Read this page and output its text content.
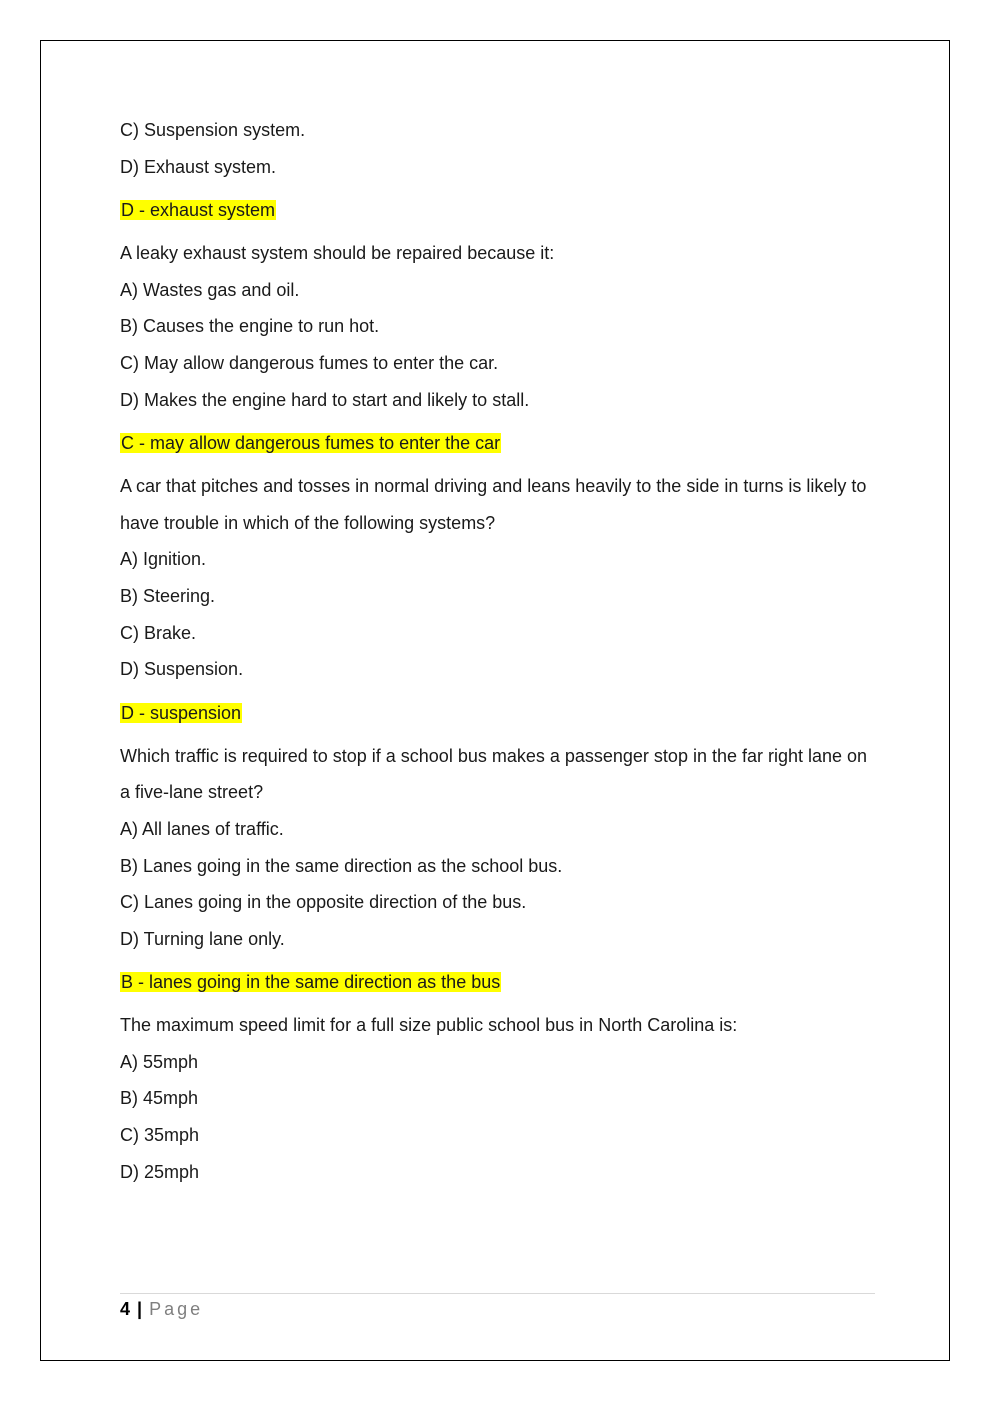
C) Suspension system.
D) Exhaust system.
D - exhaust system
A leaky exhaust system should be repaired because it:
A) Wastes gas and oil.
B) Causes the engine to run hot.
C) May allow dangerous fumes to enter the car.
D) Makes the engine hard to start and likely to stall.
C - may allow dangerous fumes to enter the car
A car that pitches and tosses in normal driving and leans heavily to the side in turns is likely to have trouble in which of the following systems?
A) Ignition.
B) Steering.
C) Brake.
D) Suspension.
D - suspension
Which traffic is required to stop if a school bus makes a passenger stop in the far right lane on a five-lane street?
A) All lanes of traffic.
B) Lanes going in the same direction as the school bus.
C) Lanes going in the opposite direction of the bus.
D) Turning lane only.
B - lanes going in the same direction as the bus
The maximum speed limit for a full size public school bus in North Carolina is:
A) 55mph
B) 45mph
C) 35mph
D) 25mph
4 | Page
